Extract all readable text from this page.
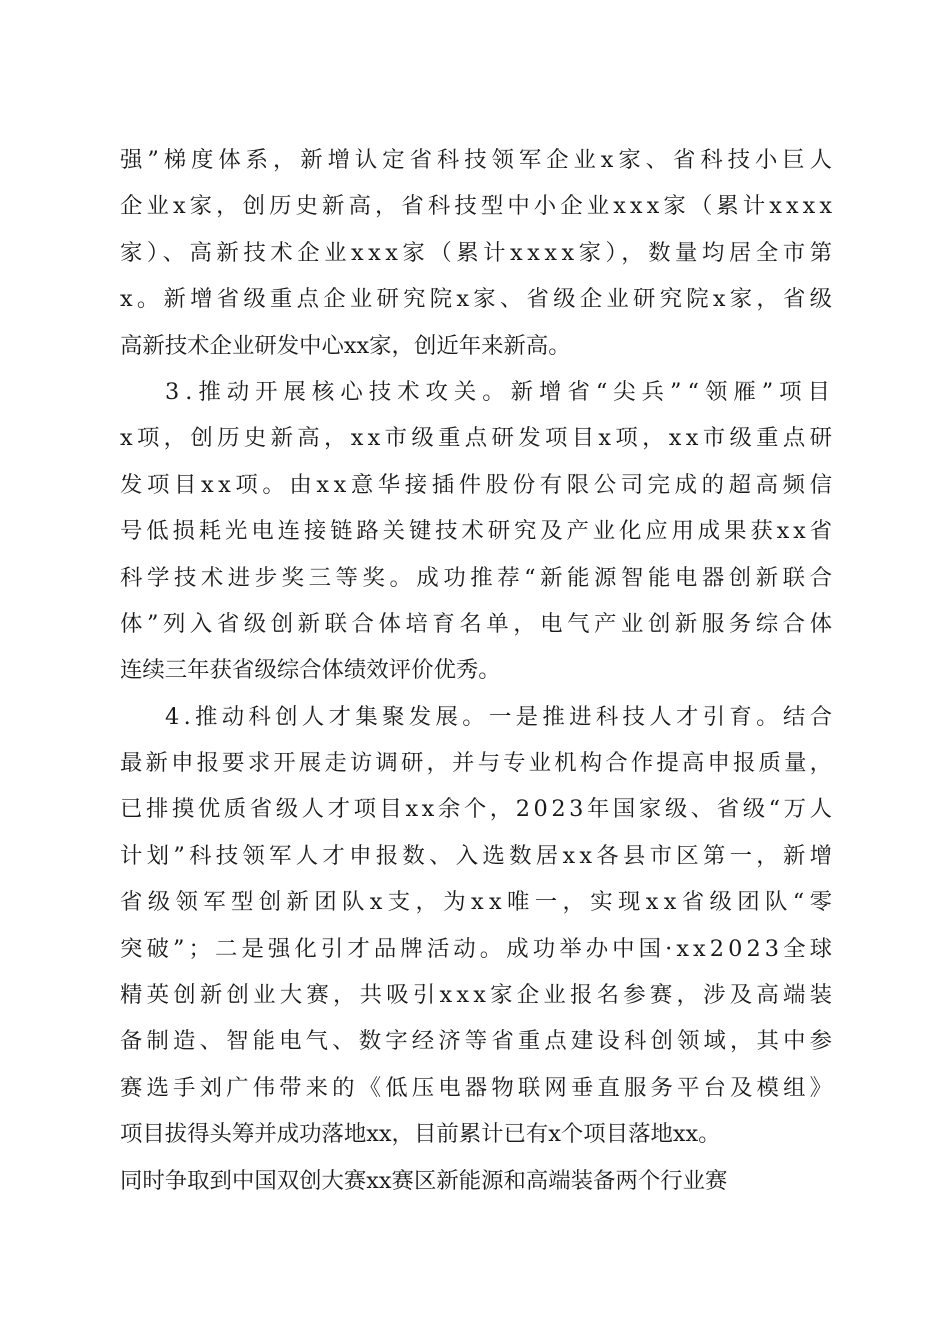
强”梯度体系，新增认定省科技领军企业x家、省科技小巨人
企业x家，创历史新高，省科技型中小企业xxx家（累计xxxx
家）、高新技术企业xxx家（累计xxxx家），数量均居全市第
x。新增省级重点企业研究院x家、省级企业研究院x家，省级
高新技术企业研发中心xx家，创近年来新高。
3.推动开展核心技术攻关。新增省“尖兵”“领雁”项目
x项，创历史新高，xx市级重点研发项目x项，xx市级重点研
发项目xx项。由xx意华接插件股份有限公司完成的超高频信
号低损耗光电连接链路关键技术研究及产业化应用成果获xx省
科学技术进步奖三等奖。成功推荐“新能源智能电器创新联合
体”列入省级创新联合体培育名单，电气产业创新服务综合体
连续三年获省级综合体绩效评价优秀。
4.推动科创人才集聚发展。一是推进科技人才引育。结合
最新申报要求开展走访调研，并与专业机构合作提高申报质量，
已排摸优质省级人才项目xx余个，2023年国家级、省级“万人
计划”科技领军人才申报数、入选数居xx各县市区第一，新增
省级领军型创新团队x支，为xx唯一，实现xx省级团队“零
突破”；二是强化引才品牌活动。成功举办中国·xx2023全球
精英创新创业大赛，共吸引xxx家企业报名参赛，涉及高端装
备制造、智能电气、数字经济等省重点建设科创领域，其中参
赛选手刘广伟带来的《低压电器物联网垂直服务平台及模组》
项目拔得头筹并成功落地xx，目前累计已有x个项目落地xx。
同时争取到中国双创大赛xx赛区新能源和高端装备两个行业赛
